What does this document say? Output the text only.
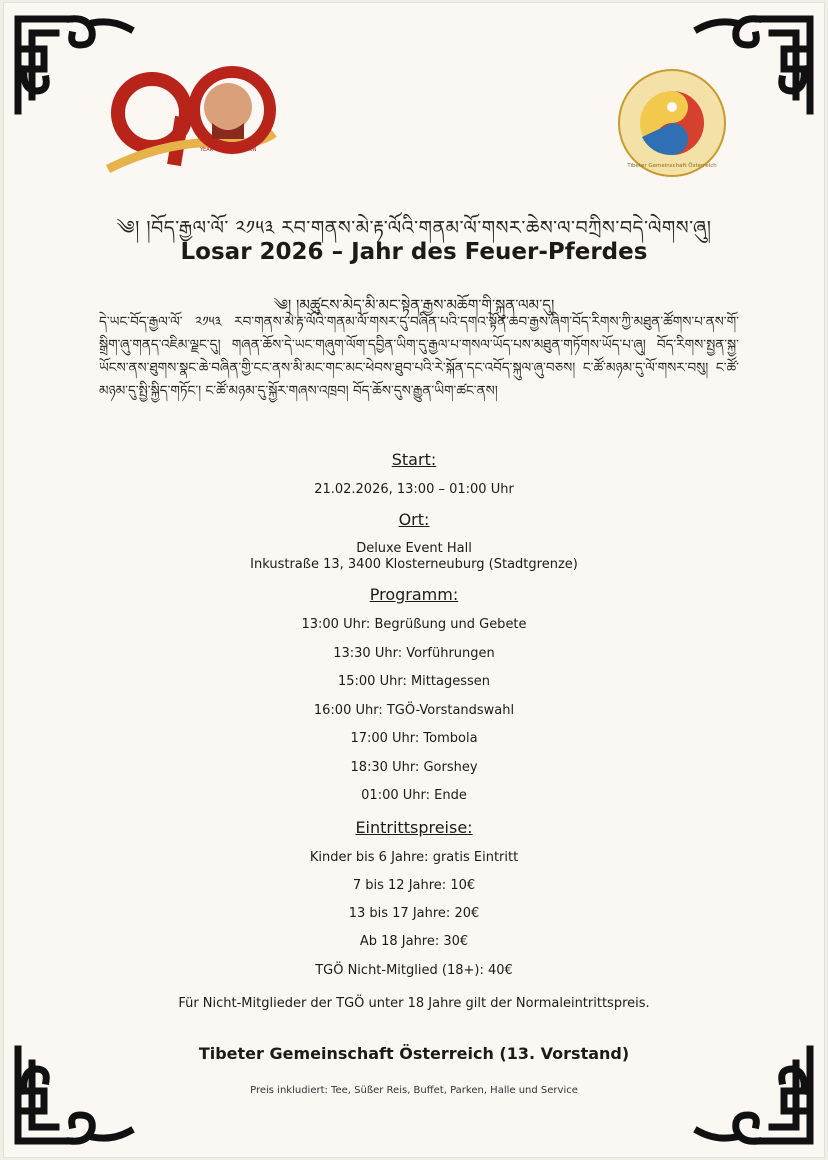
YEAR OF COMPASSION
Tibeter Gemeinschaft Österreich
༄། །བོད་རྒྱལ་ལོ་ ༢༡༥༣ རབ་གནས་མེ་རྟ་ལོའི་གནམ་ལོ་གསར་ཆེས་ལ་བཀྲིས་བདེ་ལེགས་ཞུ།
Losar 2026 – Jahr des Feuer-Pferdes
༄། །མཚུངས་མེད་མི་མང་སྟེན་རྒྱས་མཆོག་གི་སྐུན་ལམ་དུ།
དེ་ཡང་བོད་རྒྱལ་ལོ་ ༢༡༥༣ རབ་གནས་མེ་རྟ་ལོའི་གནམ་ལོ་གསར་དུ་བཞིན་པའི་དགའ་སྟོན་ཆབ་རྒྱས་ཞིག་བོད་རིགས་ཀྱི་མཐུན་ཚོགས་པ་ནས་གོ་སྒྲིག་ཞུ་གནད་འཇིམ་ལྗང་དུ། གཞན་ཆོས་དེ་ཡང་གཞུག་ལོག་དབྱིན་ཡིག་དུ་རྒྱལ་པ་གསལ་ཡོད་པས་མཐུན་གཏོགས་ཡོད་པ་ཞུ། བོད་རིགས་སྤྱན་སྐྱ་ཡོངས་ནས་ཐུགས་སྣང་ཆེ་བཞིན་གྱི་ངང་ནས་མི་མང་གང་མང་ཕེབས་ཐུབ་པའི་རེ་སྐོན་དང་འབོད་སྐུལ་ཞུ་བཅས། ང་ཚོ་མཉམ་དུ་ལོ་གསར་བསུ། ང་ཚོ་མཉམ་དུ་སྤྱི་སྐྱིད་གཏོང་། ང་ཚོ་མཉམ་དུ་སྐྱོར་གཞས་འཁྲབ། བོད་ཆོས་དུས་རྒྱུན་ཡིག་ཚང་ནས།
Start:
21.02.2026, 13:00 – 01:00 Uhr
Ort:
Deluxe Event Hall
Inkustraße 13, 3400 Klosterneuburg (Stadtgrenze)
Programm:
13:00 Uhr: Begrüßung und Gebete
13:30 Uhr: Vorführungen
15:00 Uhr: Mittagessen
16:00 Uhr: TGÖ-Vorstandswahl
17:00 Uhr: Tombola
18:30 Uhr: Gorshey
01:00 Uhr: Ende
Eintrittspreise:
Kinder bis 6 Jahre: gratis Eintritt
7 bis 12 Jahre: 10€
13 bis 17 Jahre: 20€
Ab 18 Jahre: 30€
TGÖ Nicht-Mitglied (18+): 40€
Für Nicht-Mitglieder der TGÖ unter 18 Jahre gilt der Normaleintrittspreis.
Tibeter Gemeinschaft Österreich (13. Vorstand)
Preis inkludiert: Tee, Süßer Reis, Buffet, Parken, Halle und Service
